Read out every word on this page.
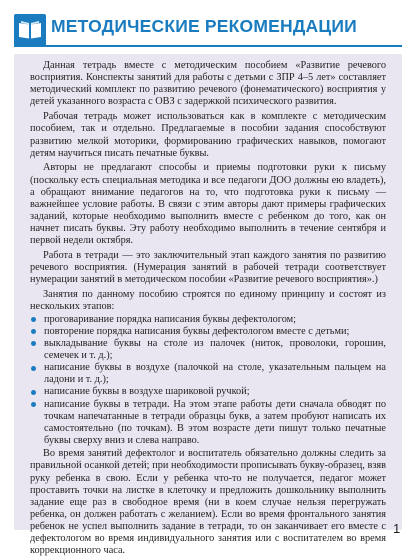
МЕТОДИЧЕСКИЕ РЕКОМЕНДАЦИИ

Данная тетрадь вместе с методическим пособием «Развитие речевого восприятия. Конспекты занятий для работы с детьми с ЗПР 4–5 лет» составляет методический комплект по развитию речевого (фонематического) восприятия у детей указанного возраста с ОВЗ с задержкой психического развития.

Рабочая тетрадь может использоваться как в комплекте с методическим пособием, так и отдельно. Предлагаемые в пособии задания способствуют развитию мелкой моторики, формированию графических навыков, помогают детям научиться писать печатные буквы.

Авторы не предлагают способы и приемы подготовки руки к письму (поскольку есть специальная методика и все педагоги ДОО должны ею владеть), а обращают внимание педагогов на то, что подготовка руки к письму — важнейшее условие работы. В связи с этим авторы дают примеры графических заданий, которые необходимо выполнить вместе с ребенком до того, как он начнет писать буквы. Эту работу необходимо выполнить в течение сентября и первой недели октября.

Работа в тетради — это заключительный этап каждого занятия по развитию речевого восприятия. (Нумерация занятий в рабочей тетради соответствует нумерации занятий в методическом пособии «Развитие речевого восприятия».)

Занятия по данному пособию строятся по единому принципу и состоят из нескольких этапов:

проговаривание порядка написания буквы дефектологом;
повторение порядка написания буквы дефектологом вместе с детьми;
выкладывание буквы на столе из палочек (ниток, проволоки, горошин, семечек и т. д.);
написание буквы в воздухе (палочкой на столе, указательным пальцем на ладони и т. д.);
написание буквы в воздухе шариковой ручкой;
написание буквы в тетради. На этом этапе работы дети сначала обводят по точкам напечатанные в тетради образцы букв, а затем пробуют написать их самостоятельно (по точкам). В этом возрасте дети пишут только печатные буквы сверху вниз и слева направо.

Во время занятий дефектолог и воспитатель обязательно должны следить за правильной осанкой детей; при необходимости прописывать букву-образец, взяв руку ребенка в свою. Если у ребенка что-то не получается, педагог может проставить точки на листке в клеточку и предложить дошкольнику выполнить задание еще раз в свободное время (ни в коем случае нельзя перегружать ребенка, он должен работать с желанием). Если во время фронтального занятия ребенок не успел выполнить задание в тетради, то он заканчивает его вместе с дефектологом во время индивидуального занятия или с воспитателем во время коррекционного часа.

1
